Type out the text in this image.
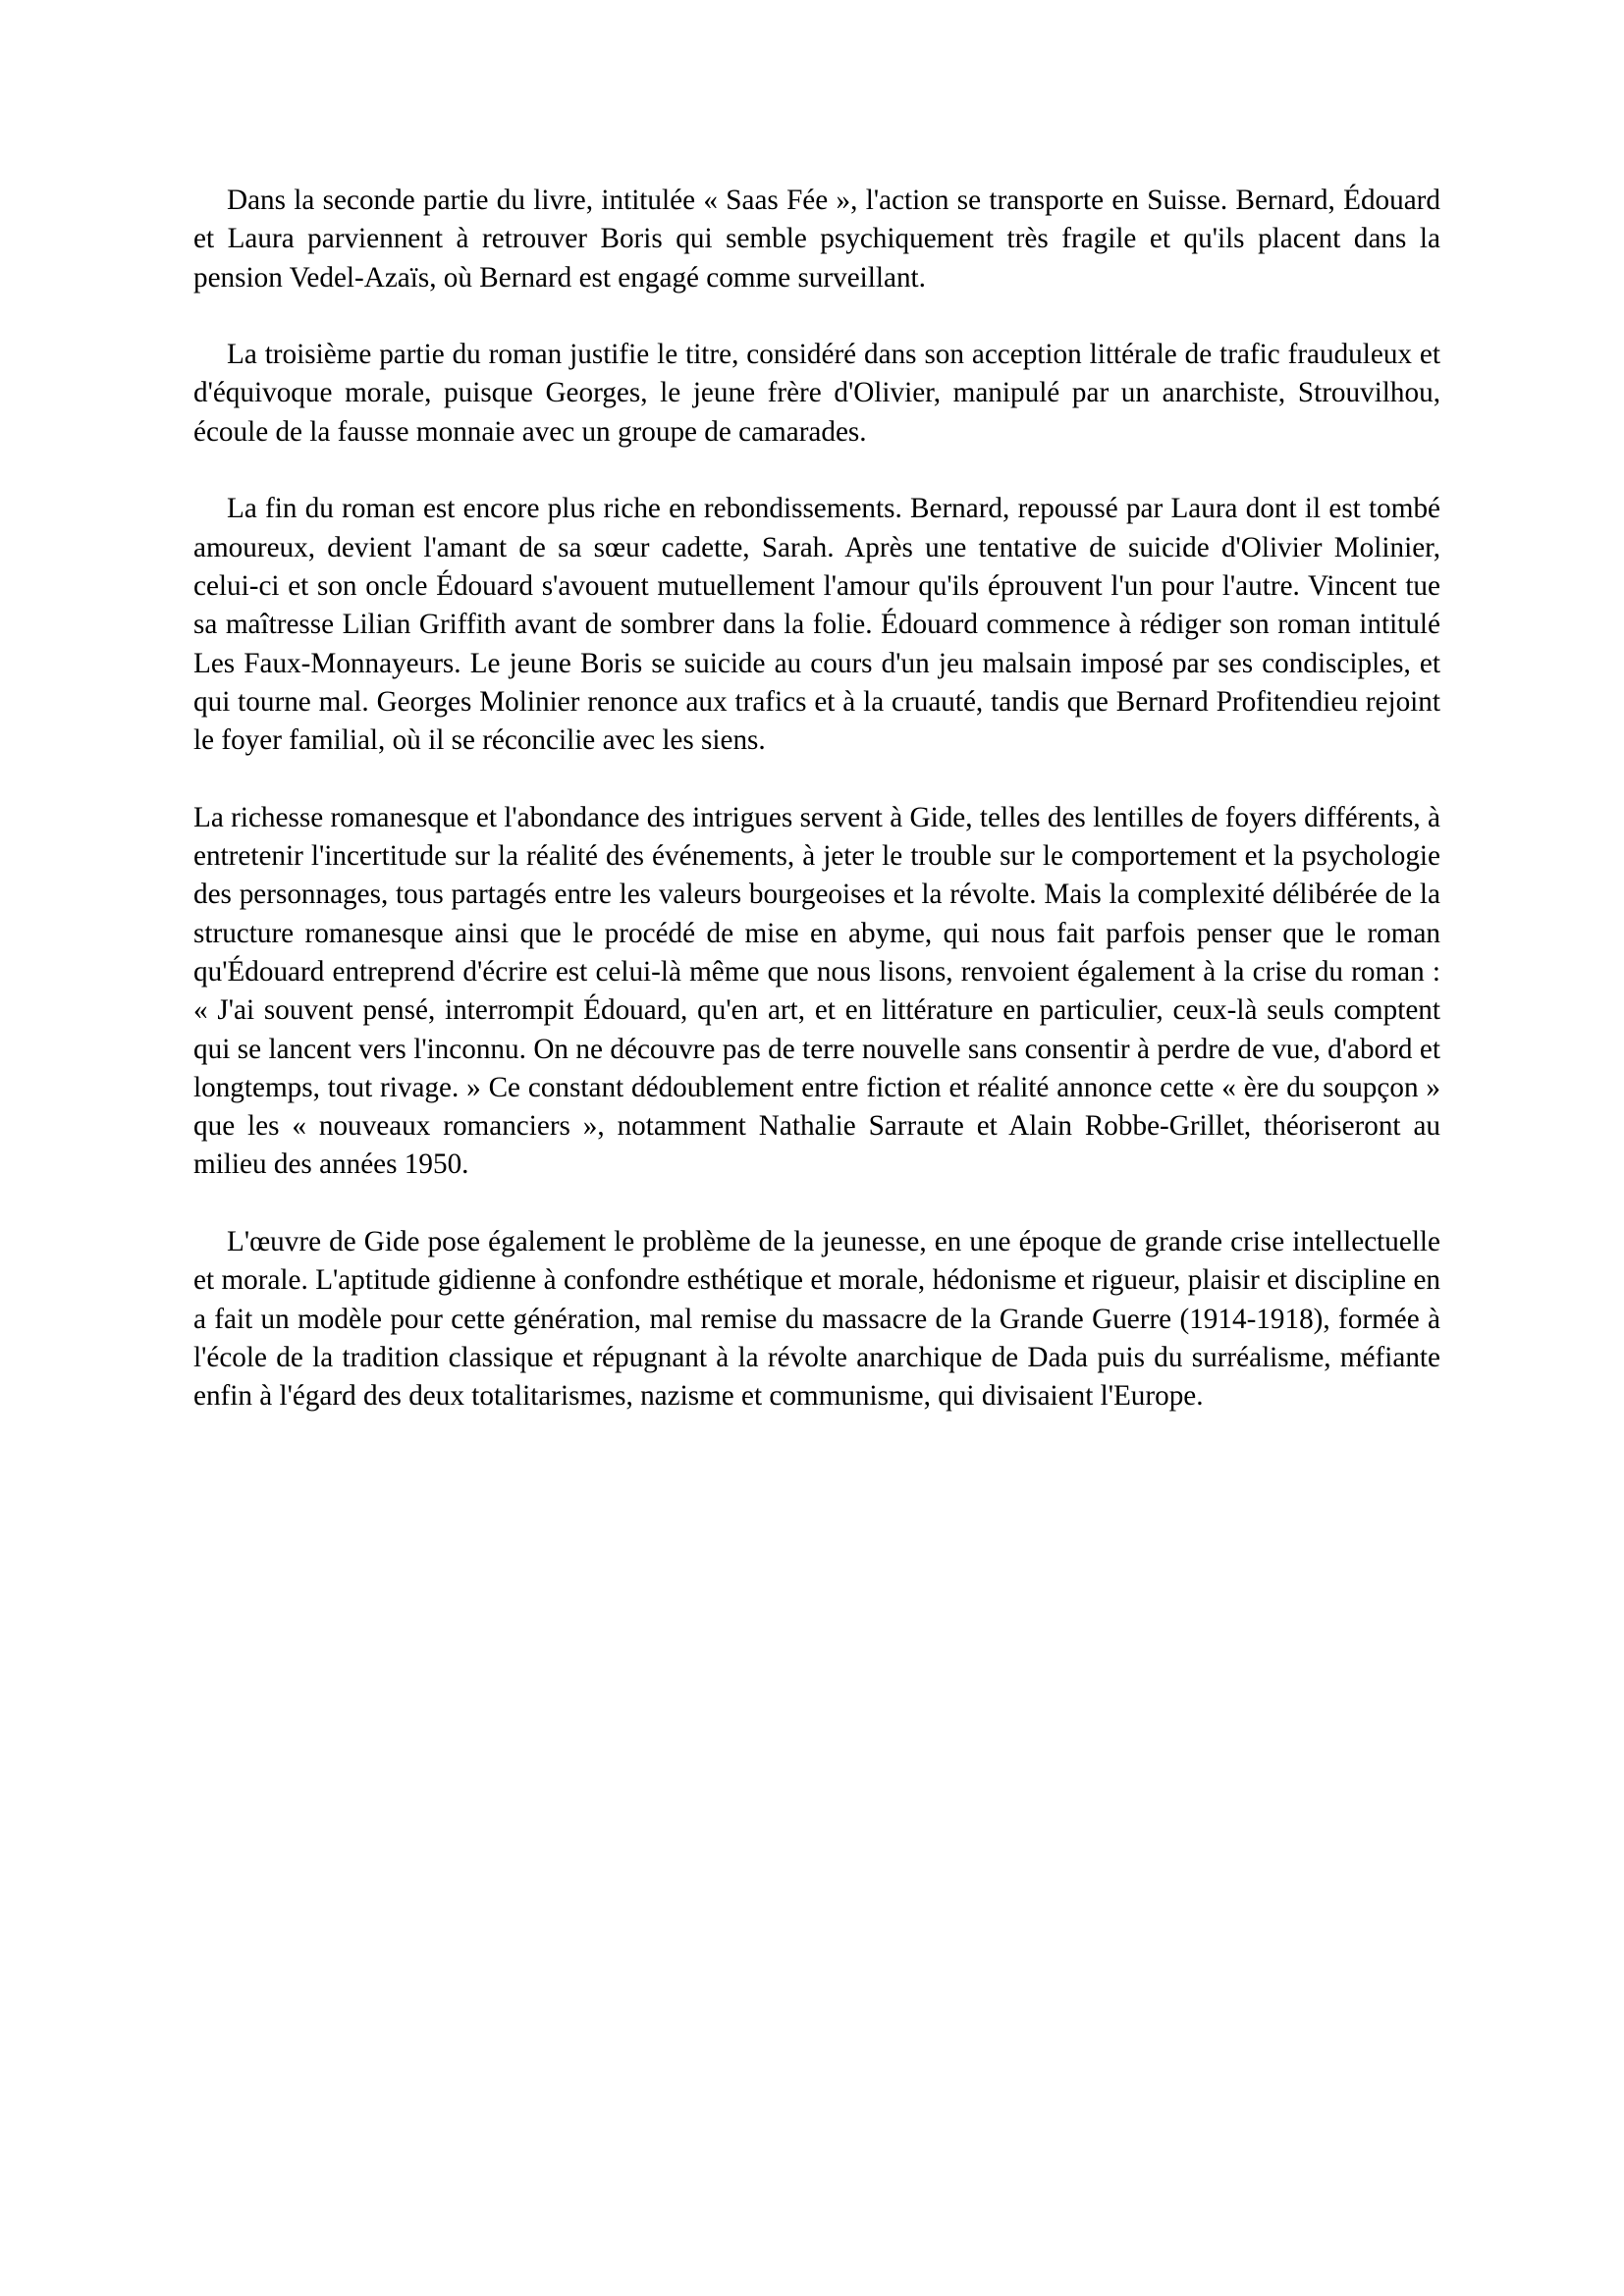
Dans la seconde partie du livre, intitulée « Saas Fée », l'action se transporte en Suisse. Bernard, Édouard et Laura parviennent à retrouver Boris qui semble psychiquement très fragile et qu'ils placent dans la pension Vedel-Azaïs, où Bernard est engagé comme surveillant.

La troisième partie du roman justifie le titre, considéré dans son acception littérale de trafic frauduleux et d'équivoque morale, puisque Georges, le jeune frère d'Olivier, manipulé par un anarchiste, Strouvilhou, écoule de la fausse monnaie avec un groupe de camarades.

La fin du roman est encore plus riche en rebondissements. Bernard, repoussé par Laura dont il est tombé amoureux, devient l'amant de sa sœur cadette, Sarah. Après une tentative de suicide d'Olivier Molinier, celui-ci et son oncle Édouard s'avouent mutuellement l'amour qu'ils éprouvent l'un pour l'autre. Vincent tue sa maîtresse Lilian Griffith avant de sombrer dans la folie. Édouard commence à rédiger son roman intitulé Les Faux-Monnayeurs. Le jeune Boris se suicide au cours d'un jeu malsain imposé par ses condisciples, et qui tourne mal. Georges Molinier renonce aux trafics et à la cruauté, tandis que Bernard Profitendieu rejoint le foyer familial, où il se réconcilie avec les siens.

La richesse romanesque et l'abondance des intrigues servent à Gide, telles des lentilles de foyers différents, à entretenir l'incertitude sur la réalité des événements, à jeter le trouble sur le comportement et la psychologie des personnages, tous partagés entre les valeurs bourgeoises et la révolte. Mais la complexité délibérée de la structure romanesque ainsi que le procédé de mise en abyme, qui nous fait parfois penser que le roman qu'Édouard entreprend d'écrire est celui-là même que nous lisons, renvoient également à la crise du roman : « J'ai souvent pensé, interrompit Édouard, qu'en art, et en littérature en particulier, ceux-là seuls comptent qui se lancent vers l'inconnu. On ne découvre pas de terre nouvelle sans consentir à perdre de vue, d'abord et longtemps, tout rivage. » Ce constant dédoublement entre fiction et réalité annonce cette « ère du soupçon » que les « nouveaux romanciers », notamment Nathalie Sarraute et Alain Robbe-Grillet, théoriseront au milieu des années 1950.

L'œuvre de Gide pose également le problème de la jeunesse, en une époque de grande crise intellectuelle et morale. L'aptitude gidienne à confondre esthétique et morale, hédonisme et rigueur, plaisir et discipline en a fait un modèle pour cette génération, mal remise du massacre de la Grande Guerre (1914-1918), formée à l'école de la tradition classique et répugnant à la révolte anarchique de Dada puis du surréalisme, méfiante enfin à l'égard des deux totalitarismes, nazisme et communisme, qui divisaient l'Europe.
